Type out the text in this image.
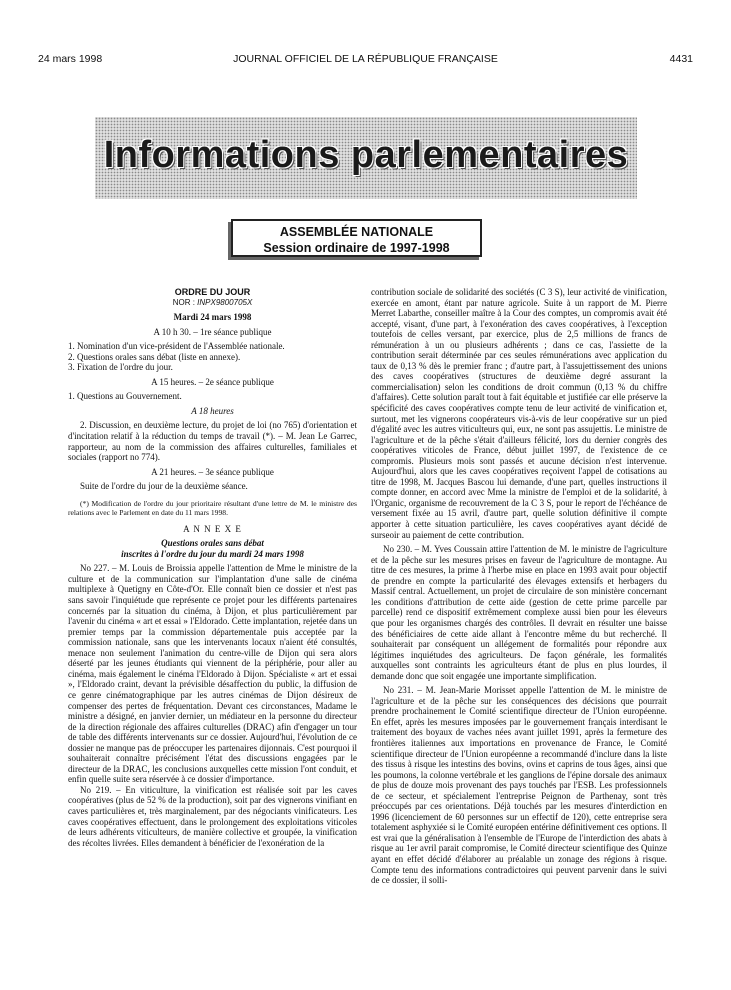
24 mars 1998	JOURNAL OFFICIEL DE LA RÉPUBLIQUE FRANÇAISE	4431
Informations parlementaires
ASSEMBLÉE NATIONALE
Session ordinaire de 1997-1998

ORDRE DU JOUR

NOR : INPX9800705X

Mardi 24 mars 1998

A 10 h 30. – 1re séance publique

1. Nomination d'un vice-président de l'Assemblée nationale.

2. Questions orales sans débat (liste en annexe).

3. Fixation de l'ordre du jour.

A 15 heures. – 2e séance publique

1. Questions au Gouvernement.

A 18 heures

2. Discussion, en deuxième lecture, du projet de loi (no 765) d'orientation et d'incitation relatif à la réduction du temps de travail (*). – M. Jean Le Garrec, rapporteur, au nom de la commission des affaires culturelles, familiales et sociales (rapport no 774).

A 21 heures. – 3e séance publique

Suite de l'ordre du jour de la deuxième séance.

(*) Modification de l'ordre du jour prioritaire résultant d'une lettre de M. le ministre des relations avec le Parlement en date du 11 mars 1998.

A N N E X E

Questions orales sans débat

inscrites à l'ordre du jour du mardi 24 mars 1998

No 227. – M. Louis de Broissia appelle l'attention de Mme le ministre de la culture et de la communication sur l'implantation d'une salle de cinéma multiplexe à Quetigny en Côte-d'Or. Elle connaît bien ce dossier et n'est pas sans savoir l'inquiétude que représente ce projet pour les différents partenaires concernés par la situation du cinéma, à Dijon, et plus particulièrement par l'avenir du cinéma « art et essai » l'Eldorado. Cette implantation, rejetée dans un premier temps par la commission départementale puis acceptée par la commission nationale, sans que les intervenants locaux n'aient été consultés, menace non seulement l'animation du centre-ville de Dijon qui sera alors déserté par les jeunes étudiants qui viennent de la périphérie, pour aller au cinéma, mais également le cinéma l'Eldorado à Dijon. Spécialiste « art et essai », l'Eldorado craint, devant la prévisible désaffection du public, la diffusion de ce genre cinématographique par les autres cinémas de Dijon désireux de compenser des pertes de fréquentation. Devant ces circonstances, Madame le ministre a désigné, en janvier dernier, un médiateur en la personne du directeur de la direction régionale des affaires culturelles (DRAC) afin d'engager un tour de table des différents intervenants sur ce dossier. Aujourd'hui, l'évolution de ce dossier ne manque pas de préoccuper les partenaires dijonnais. C'est pourquoi il souhaiterait connaître précisément l'état des discussions engagées par le directeur de la DRAC, les conclusions auxquelles cette mission l'ont conduit, et enfin quelle suite sera réservée à ce dossier d'importance.

No 219. – En viticulture, la vinification est réalisée soit par les caves coopératives (plus de 52 % de la production), soit par des vignerons vinifiant en caves particulières et, très marginalement, par des négociants vinificateurs. Les caves coopératives effectuent, dans le prolongement des exploitations viticoles de leurs adhérents viticulteurs, de manière collective et groupée, la vinification des récoltes livrées. Elles demandent à bénéficier de l'exonération de la

contribution sociale de solidarité des sociétés (C 3 S), leur activité de vinification, exercée en amont, étant par nature agricole. Suite à un rapport de M. Pierre Merret Labarthe, conseiller maître à la Cour des comptes, un compromis avait été accepté, visant, d'une part, à l'exonération des caves coopératives, à l'exception toutefois de celles versant, par exercice, plus de 2,5 millions de francs de rémunération à un ou plusieurs adhérents ; dans ce cas, l'assiette de la contribution serait déterminée par ces seules rémunérations avec application du taux de 0,13 % dès le premier franc ; d'autre part, à l'assujettissement des unions des caves coopératives (structures de deuxième degré assurant la commercialisation) selon les conditions de droit commun (0,13 % du chiffre d'affaires). Cette solution paraît tout à fait équitable et justifiée car elle préserve la spécificité des caves coopératives compte tenu de leur activité de vinification et, surtout, met les vignerons coopérateurs vis-à-vis de leur coopérative sur un pied d'égalité avec les autres viticulteurs qui, eux, ne sont pas assujettis. Le ministre de l'agriculture et de la pêche s'était d'ailleurs félicité, lors du dernier congrès des coopératives viticoles de France, début juillet 1997, de l'existence de ce compromis. Plusieurs mois sont passés et aucune décision n'est intervenue. Aujourd'hui, alors que les caves coopératives reçoivent l'appel de cotisations au titre de 1998, M. Jacques Bascou lui demande, d'une part, quelles instructions il compte donner, en accord avec Mme la ministre de l'emploi et de la solidarité, à l'Organic, organisme de recouvrement de la C 3 S, pour le report de l'échéance de versement fixée au 15 avril, d'autre part, quelle solution définitive il compte apporter à cette situation particulière, les caves coopératives ayant décidé de surseoir au paiement de cette contribution.

No 230. – M. Yves Coussain attire l'attention de M. le ministre de l'agriculture et de la pêche sur les mesures prises en faveur de l'agriculture de montagne. Au titre de ces mesures, la prime à l'herbe mise en place en 1993 avait pour objectif de prendre en compte la particularité des élevages extensifs et herbagers du Massif central. Actuellement, un projet de circulaire de son ministère concernant les conditions d'attribution de cette aide (gestion de cette prime parcelle par parcelle) rend ce dispositif extrêmement complexe aussi bien pour les éleveurs que pour les organismes chargés des contrôles. Il devrait en résulter une baisse des bénéficiaires de cette aide allant à l'encontre même du but recherché. Il souhaiterait par conséquent un allégement de formalités pour répondre aux légitimes inquiétudes des agriculteurs. De façon générale, les formalités auxquelles sont contraints les agriculteurs étant de plus en plus lourdes, il demande donc que soit engagée une importante simplification.

No 231. – M. Jean-Marie Morisset appelle l'attention de M. le ministre de l'agriculture et de la pêche sur les conséquences des décisions que pourrait prendre prochainement le Comité scientifique directeur de l'Union européenne. En effet, après les mesures imposées par le gouvernement français interdisant le traitement des boyaux de vaches nées avant juillet 1991, après la fermeture des frontières italiennes aux importations en provenance de France, le Comité scientifique directeur de l'Union européenne a recommandé d'inclure dans la liste des tissus à risque les intestins des bovins, ovins et caprins de tous âges, ainsi que les poumons, la colonne vertébrale et les ganglions de l'épine dorsale des animaux de plus de douze mois provenant des pays touchés par l'ESB. Les professionnels de ce secteur, et spécialement l'entreprise Peignon de Parthenay, sont très préoccupés par ces orientations. Déjà touchés par les mesures d'interdiction en 1996 (licenciement de 60 personnes sur un effectif de 120), cette entreprise sera totalement asphyxiée si le Comité européen entérine définitivement ces options. Il est vrai que la généralisation à l'ensemble de l'Europe de l'interdiction des abats à risque au 1er avril parait compromise, le Comité directeur scientifique des Quinze ayant en effet décidé d'élaborer au préalable un zonage des régions à risque. Compte tenu des informations contradictoires qui peuvent parvenir dans le suivi de ce dossier, il solli-
